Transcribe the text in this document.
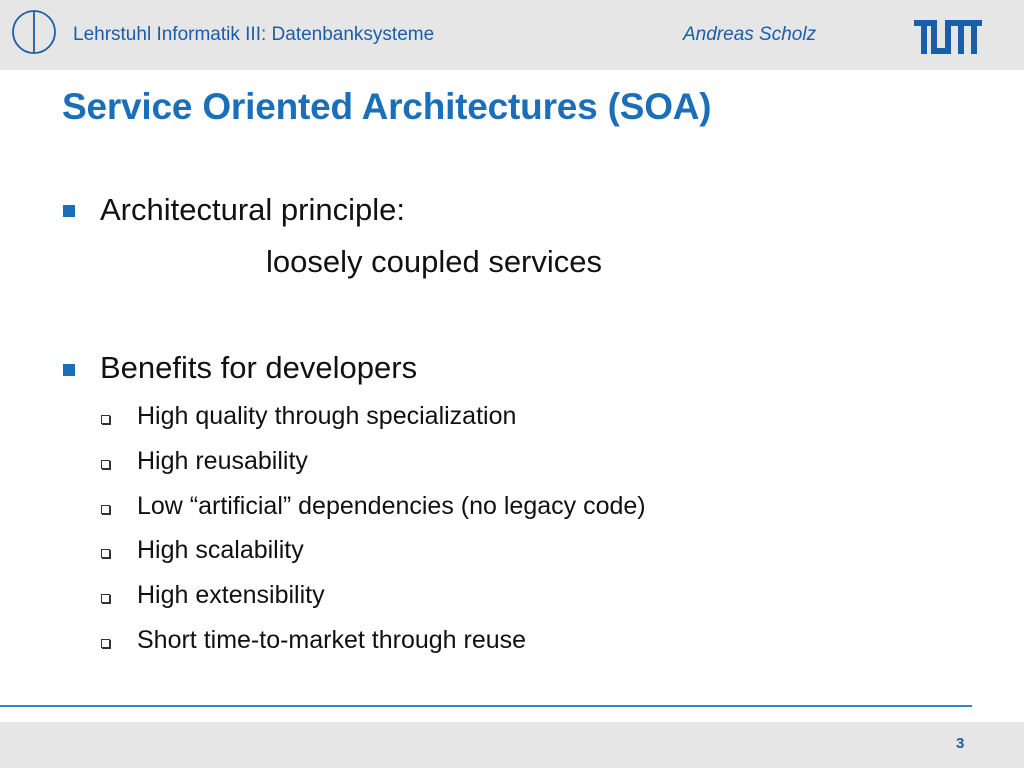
Lehrstuhl Informatik III: Datenbanksysteme	Andreas Scholz
Service Oriented Architectures (SOA)
Architectural principle:
loosely coupled services
Benefits for developers
High quality through specialization
High reusability
Low “artificial” dependencies (no legacy code)
High scalability
High extensibility
Short time-to-market through reuse
3
